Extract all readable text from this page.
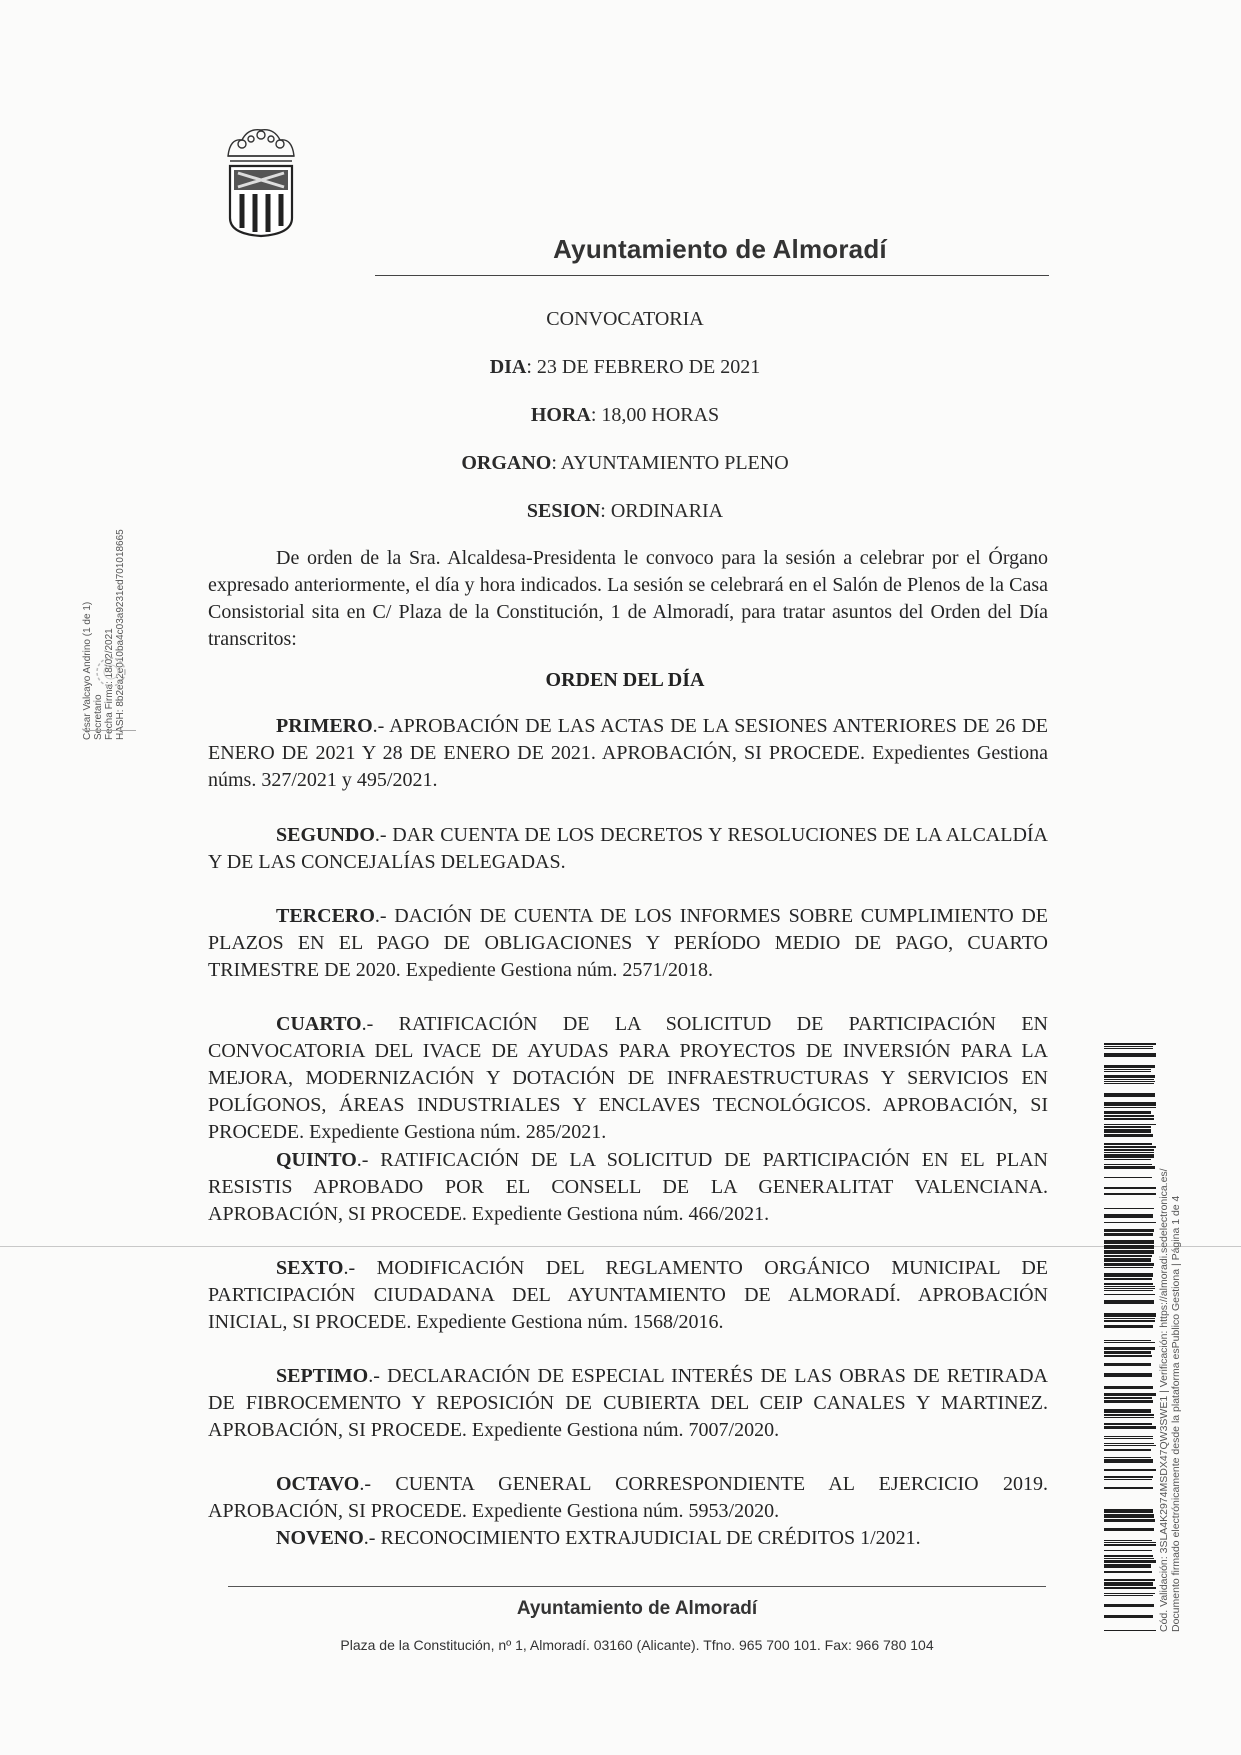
Ayuntamiento de Almoradí
CONVOCATORIA
DIA: 23 DE FEBRERO DE 2021
HORA: 18,00 HORAS
ORGANO: AYUNTAMIENTO PLENO
SESION: ORDINARIA
De orden de la Sra. Alcaldesa-Presidenta le convoco para la sesión a celebrar por el Órgano expresado anteriormente, el día y hora indicados. La sesión se celebrará en el Salón de Plenos de la Casa Consistorial sita en C/ Plaza de la Constitución, 1 de Almoradí, para tratar asuntos del Orden del Día transcritos:
ORDEN DEL DÍA
PRIMERO.- APROBACIÓN DE LAS ACTAS DE LA SESIONES ANTERIORES DE 26 DE ENERO DE 2021 Y 28 DE ENERO DE 2021. APROBACIÓN, SI PROCEDE. Expedientes Gestiona núms. 327/2021 y 495/2021.
SEGUNDO.- DAR CUENTA DE LOS DECRETOS Y RESOLUCIONES DE LA ALCALDÍA Y DE LAS CONCEJALÍAS DELEGADAS.
TERCERO.- DACIÓN DE CUENTA DE LOS INFORMES SOBRE CUMPLIMIENTO DE PLAZOS EN EL PAGO DE OBLIGACIONES Y PERÍODO MEDIO DE PAGO, CUARTO TRIMESTRE DE 2020. Expediente Gestiona núm. 2571/2018.
CUARTO.- RATIFICACIÓN DE LA SOLICITUD DE PARTICIPACIÓN EN CONVOCATORIA DEL IVACE DE AYUDAS PARA PROYECTOS DE INVERSIÓN PARA LA MEJORA, MODERNIZACIÓN Y DOTACIÓN DE INFRAESTRUCTURAS Y SERVICIOS EN POLÍGONOS, ÁREAS INDUSTRIALES Y ENCLAVES TECNOLÓGICOS. APROBACIÓN, SI PROCEDE. Expediente Gestiona núm. 285/2021.
QUINTO.- RATIFICACIÓN DE LA SOLICITUD DE PARTICIPACIÓN EN EL PLAN RESISTIS APROBADO POR EL CONSELL DE LA GENERALITAT VALENCIANA. APROBACIÓN, SI PROCEDE. Expediente Gestiona núm. 466/2021.
SEXTO.- MODIFICACIÓN DEL REGLAMENTO ORGÁNICO MUNICIPAL DE PARTICIPACIÓN CIUDADANA DEL AYUNTAMIENTO DE ALMORADÍ. APROBACIÓN INICIAL, SI PROCEDE. Expediente Gestiona núm. 1568/2016.
SEPTIMO.- DECLARACIÓN DE ESPECIAL INTERÉS DE LAS OBRAS DE RETIRADA DE FIBROCEMENTO Y REPOSICIÓN DE CUBIERTA DEL CEIP CANALES Y MARTINEZ. APROBACIÓN, SI PROCEDE. Expediente Gestiona núm. 7007/2020.
OCTAVO.- CUENTA GENERAL CORRESPONDIENTE AL EJERCICIO 2019. APROBACIÓN, SI PROCEDE. Expediente Gestiona núm. 5953/2020.
NOVENO.- RECONOCIMIENTO EXTRAJUDICIAL DE CRÉDITOS 1/2021.
Ayuntamiento de Almoradí
Plaza de la Constitución, nº 1, Almoradí. 03160 (Alicante). Tfno. 965 700 101. Fax: 966 780 104
César Valcayo Andrino (1 de 1) Secretario Fecha Firma: 18/02/2021 HASH: 8b2ea2e010ba4c03a9231ed701018665
Cód. Validación: 3SLA4K2974MSDX47QW3SWE1 | Verificación: https://almoradi.sedelectronica.es/ Documento firmado electrónicamente desde la plataforma esPublico Gestiona | Página 1 de 4
